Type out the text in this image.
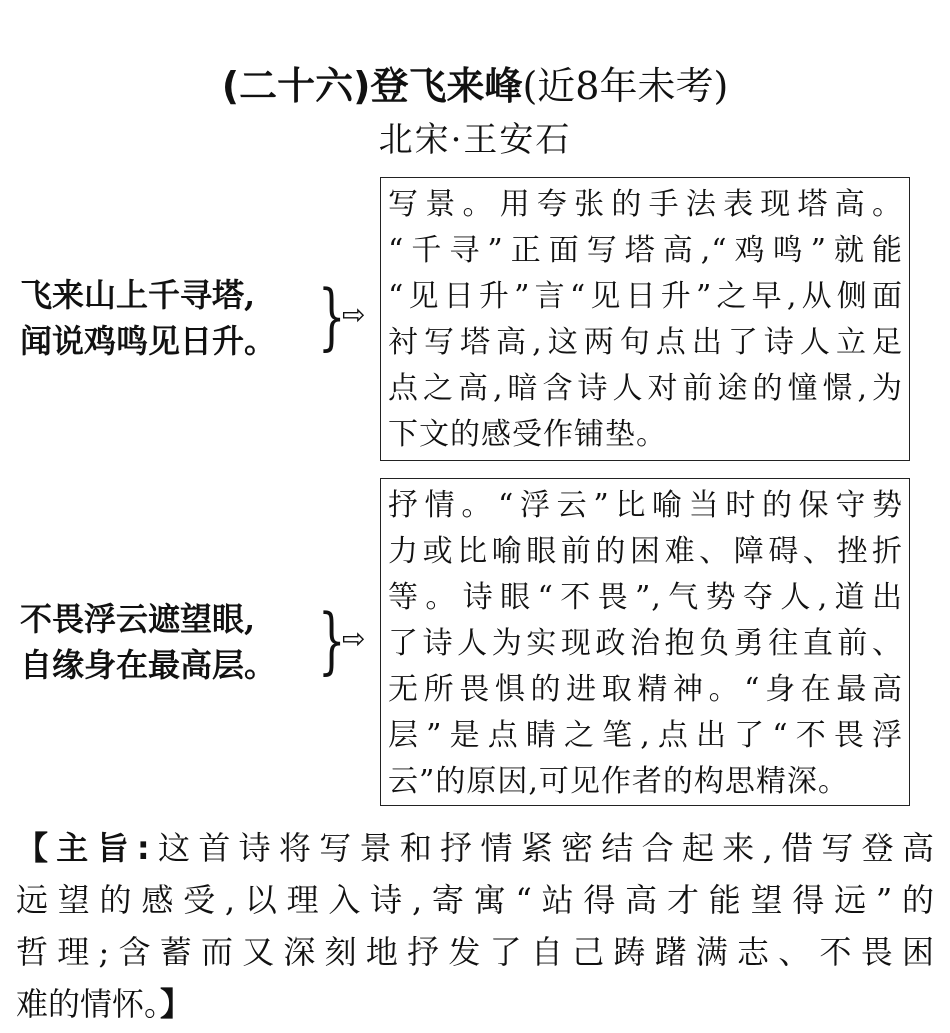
(二十六)登飞来峰(近8年未考)
北宋·王安石
飞来山上千寻塔,
闻说鸡鸣见日升。 }
⇨
写景。用夸张的手法表现塔高。
“千寻”正面写塔高,“鸡鸣”就能
“见日升”言“见日升”之早,从侧面
衬写塔高,这两句点出了诗人立足
点之高,暗含诗人对前途的憧憬,为
下文的感受作铺垫。
不畏浮云遮望眼,
自缘身在最高层。 }
⇨
抒情。“浮云”比喻当时的保守势
力或比喻眼前的困难、障碍、挫折
等。诗眼“不畏”,气势夺人,道出
了诗人为实现政治抱负勇往直前、
无所畏惧的进取精神。“身在最高
层”是点睛之笔,点出了“不畏浮
云”的原因,可见作者的构思精深。
【主旨:这首诗将写景和抒情紧密结合起来,借写登高
远望的感受,以理入诗,寄寓“站得高才能望得远”的
哲理;含蓄而又深刻地抒发了自己踌躇满志、不畏困
难的情怀。】
